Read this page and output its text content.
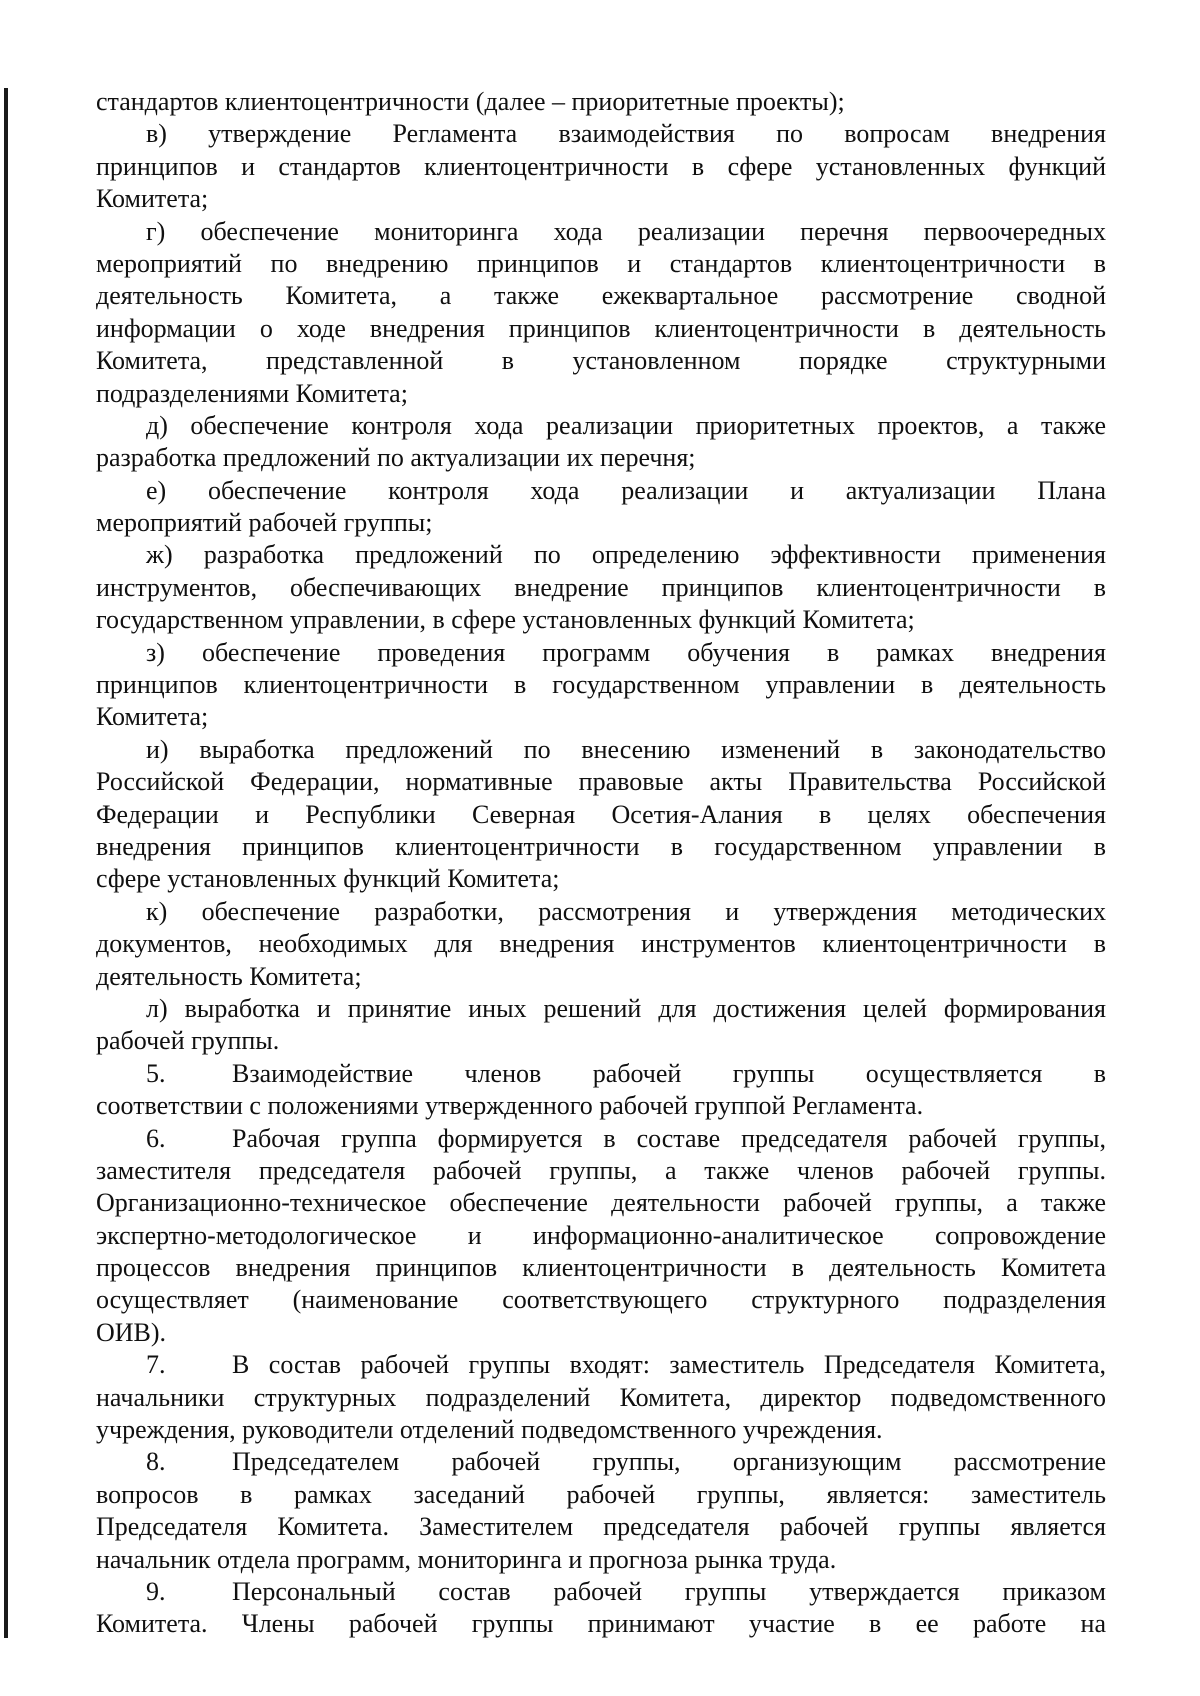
стандартов клиентоцентричности (далее – приоритетные проекты);
в) утверждение Регламента взаимодействия по вопросам внедрения
принципов и стандартов клиентоцентричности в сфере установленных функций
Комитета;
г) обеспечение мониторинга хода реализации перечня первоочередных
мероприятий по внедрению принципов и стандартов клиентоцентричности в
деятельность Комитета, а также ежеквартальное рассмотрение сводной
информации о ходе внедрения принципов клиентоцентричности в деятельность
Комитета, представленной в установленном порядке структурными
подразделениями Комитета;
д) обеспечение контроля хода реализации приоритетных проектов, а также
разработка предложений по актуализации их перечня;
е) обеспечение контроля хода реализации и актуализации Плана
мероприятий рабочей группы;
ж) разработка предложений по определению эффективности применения
инструментов, обеспечивающих внедрение принципов клиентоцентричности в
государственном управлении, в сфере установленных функций Комитета;
з) обеспечение проведения программ обучения в рамках внедрения
принципов клиентоцентричности в государственном управлении в деятельность
Комитета;
и) выработка предложений по внесению изменений в законодательство
Российской Федерации, нормативные правовые акты Правительства Российской
Федерации и Республики Северная Осетия-Алания в целях обеспечения
внедрения принципов клиентоцентричности в государственном управлении в
сфере установленных функций Комитета;
к) обеспечение разработки, рассмотрения и утверждения методических
документов, необходимых для внедрения инструментов клиентоцентричности в
деятельность Комитета;
л) выработка и принятие иных решений для достижения целей формирования
рабочей группы.
5.	Взаимодействие членов рабочей группы осуществляется в
соответствии с положениями утвержденного рабочей группой Регламента.
6.	Рабочая группа формируется в составе председателя рабочей группы,
заместителя председателя рабочей группы, а также членов рабочей группы.
Организационно-техническое обеспечение деятельности рабочей группы, а также
экспертно-методологическое и информационно-аналитическое сопровождение
процессов внедрения принципов клиентоцентричности в деятельность Комитета
осуществляет (наименование соответствующего структурного подразделения
ОИВ).
7.	В состав рабочей группы входят: заместитель Председателя Комитета,
начальники структурных подразделений Комитета, директор подведомственного
учреждения, руководители отделений подведомственного учреждения.
8.	Председателем рабочей группы, организующим рассмотрение
вопросов в рамках заседаний рабочей группы, является: заместитель
Председателя Комитета. Заместителем председателя рабочей группы является
начальник отдела программ, мониторинга и прогноза рынка труда.
9.	Персональный состав рабочей группы утверждается приказом
Комитета. Члены рабочей группы принимают участие в ее работе на
